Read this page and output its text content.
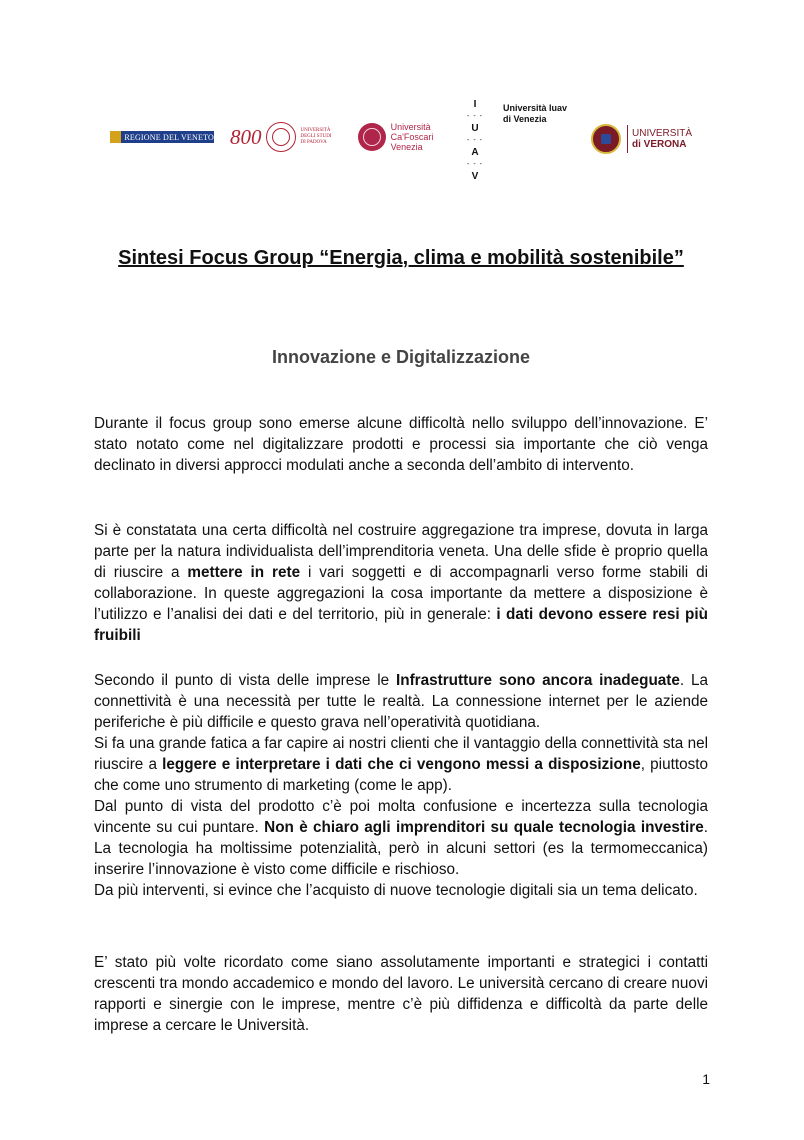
REGIONE DEL VENETO 800	UNIVERSITÀ DEGLI STUDI DI PADOVA
Università
Ca'Foscari
Venezia
I
- - -
U
- - -
A
- - -
V
Università Iuav
di Venezia
UNIVERSITÀ
di VERONA
Sintesi Focus Group “Energia, clima e mobilità sostenibile”
Innovazione e Digitalizzazione

Durante il focus group sono emerse alcune difficoltà nello sviluppo dell’innovazione. E’ stato notato come nel digitalizzare prodotti e processi sia importante che ciò venga declinato in diversi approcci modulati anche a seconda dell’ambito di intervento.

Si è constatata una certa difficoltà nel costruire aggregazione tra imprese, dovuta in larga parte per la natura individualista dell’imprenditoria veneta. Una delle sfide è proprio quella di riuscire a mettere in rete i vari soggetti e di accompagnarli verso forme stabili di collaborazione. In queste aggregazioni la cosa importante da mettere a disposizione è l’utilizzo e l’analisi dei dati e del territorio, più in generale: i dati devono essere resi più fruibili

Secondo il punto di vista delle imprese le Infrastrutture sono ancora inadeguate. La connettività è una necessità per tutte le realtà. La connessione internet per le aziende periferiche è più difficile e questo grava nell’operatività quotidiana.
Si fa una grande fatica a far capire ai nostri clienti che il vantaggio della connettività sta nel riuscire a leggere e interpretare i dati che ci vengono messi a disposizione, piuttosto che come uno strumento di marketing (come le app).
Dal punto di vista del prodotto c’è poi molta confusione e incertezza sulla tecnologia vincente su cui puntare. Non è chiaro agli imprenditori su quale tecnologia investire. La tecnologia ha moltissime potenzialità, però in alcuni settori (es la termomeccanica) inserire l’innovazione è visto come difficile e rischioso.
Da più interventi, si evince che l’acquisto di nuove tecnologie digitali sia un tema delicato.

E’ stato più volte ricordato come siano assolutamente importanti e strategici i contatti crescenti tra mondo accademico e mondo del lavoro. Le università cercano di creare nuovi rapporti e sinergie con le imprese, mentre c’è più diffidenza e difficoltà da parte delle imprese a cercare le Università.

1
